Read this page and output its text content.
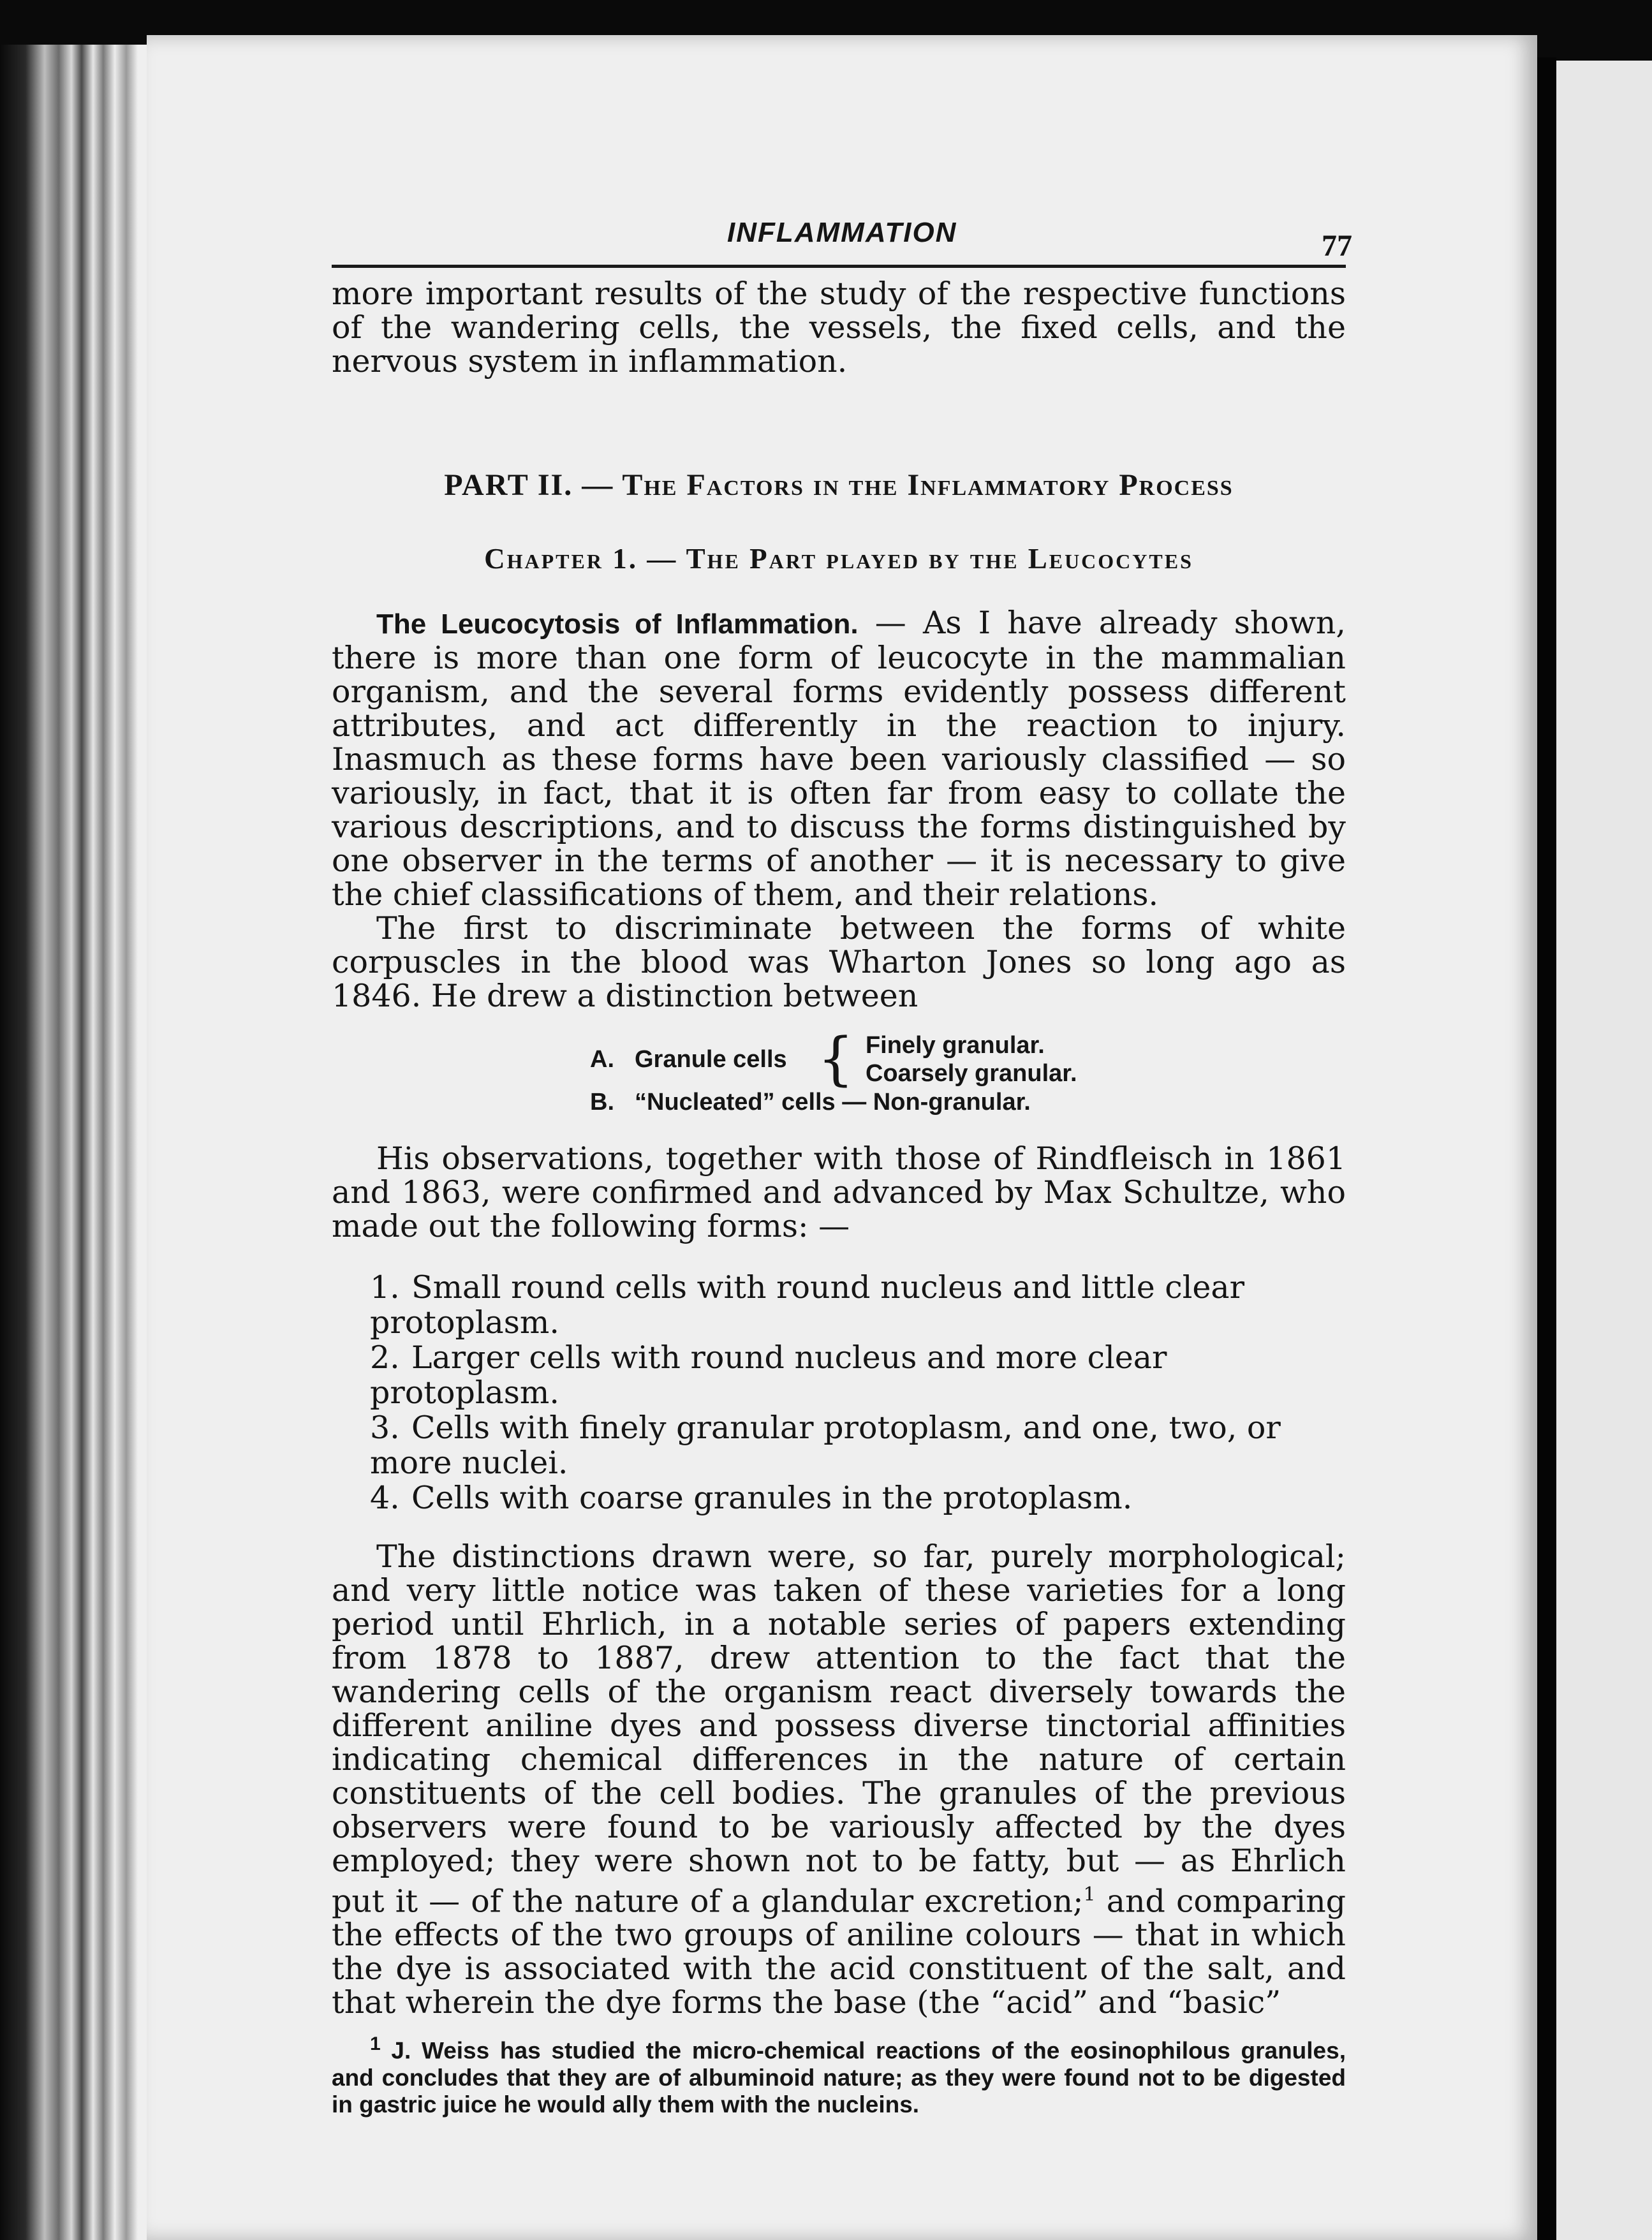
INFLAMMATION	77

more important results of the study of the respective functions of the wandering cells, the vessels, the fixed cells, and the nervous system in inflammation.

PART II. — The Factors in the Inflammatory Process
Chapter 1. — The Part played by the Leucocytes

The Leucocytosis of Inflammation. — As I have already shown, there is more than one form of leucocyte in the mammalian organism, and the several forms evidently possess different attributes, and act differently in the reaction to injury. Inasmuch as these forms have been variously classified — so variously, in fact, that it is often far from easy to collate the various descriptions, and to discuss the forms distinguished by one observer in the terms of another — it is necessary to give the chief classifications of them, and their relations.

The first to discriminate between the forms of white corpuscles in the blood was Wharton Jones so long ago as 1846. He drew a distinction between

A. Granule cells { Finely granular.
Coarsely granular.
B. “Nucleated” cells — Non-granular.

His observations, together with those of Rindfleisch in 1861 and 1863, were confirmed and advanced by Max Schultze, who made out the following forms: —

1. Small round cells with round nucleus and little clear protoplasm.
2. Larger cells with round nucleus and more clear protoplasm.
3. Cells with finely granular protoplasm, and one, two, or more nuclei.
4. Cells with coarse granules in the protoplasm.

The distinctions drawn were, so far, purely morphological; and very little notice was taken of these varieties for a long period until Ehrlich, in a notable series of papers extending from 1878 to 1887, drew attention to the fact that the wandering cells of the organism react diversely towards the different aniline dyes and possess diverse tinctorial affinities indicating chemical differences in the nature of certain constituents of the cell bodies. The granules of the previous observers were found to be variously affected by the dyes employed; they were shown not to be fatty, but — as Ehrlich put it — of the nature of a glandular excretion;$^1$ and comparing the effects of the two groups of aniline colours — that in which the dye is associated with the acid constituent of the salt, and that wherein the dye forms the base (the “acid” and “basic”

$^1$ J. Weiss has studied the micro-chemical reactions of the eosinophilous granules, and concludes that they are of albuminoid nature; as they were found not to be digested in gastric juice he would ally them with the nucleins.
